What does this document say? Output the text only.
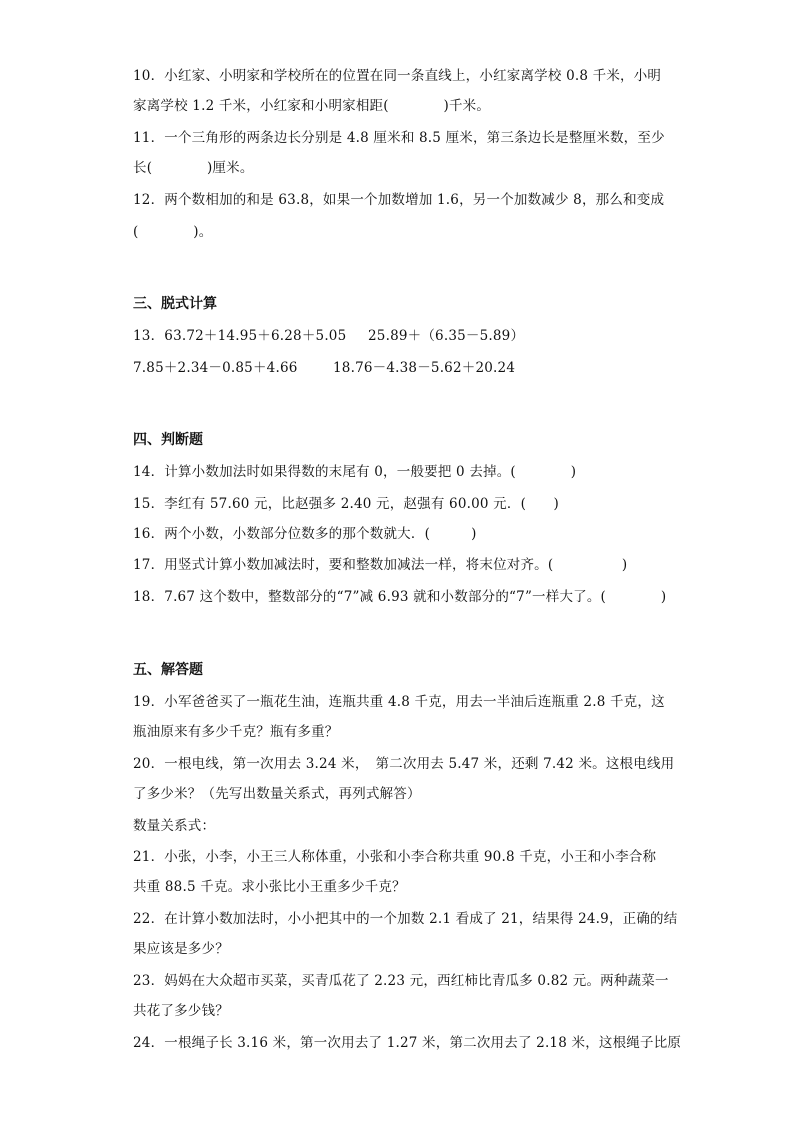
10．小红家、小明家和学校所在的位置在同一条直线上，小红家离学校 0.8 千米，小明
家离学校 1.2 千米，小红家和小明家相距(　　　　)千米。
11．一个三角形的两条边长分别是 4.8 厘米和 8.5 厘米，第三条边长是整厘米数，至少
长(　　　　)厘米。
12．两个数相加的和是 63.8，如果一个加数增加 1.6，另一个加数减少 8，那么和变成
(　　　　)。
三、脱式计算
13．63.72＋14.95＋6.28＋5.05 25.89＋（6.35－5.89）
7.85＋2.34－0.85＋4.66	18.76－4.38－5.62＋20.24
四、判断题
14．计算小数加法时如果得数的末尾有 0，一般要把 0 去掉。(　　　　)
15．李红有 57.60 元，比赵强多 2.40 元，赵强有 60.00 元．(　　)
16．两个小数，小数部分位数多的那个数就大．(　　　)
17．用竖式计算小数加减法时，要和整数加减法一样，将末位对齐。(　　　　　)
18．7.67 这个数中，整数部分的“7”减 6.93 就和小数部分的“7”一样大了。(　　　　)
五、解答题
19．小军爸爸买了一瓶花生油，连瓶共重 4.8 千克，用去一半油后连瓶重 2.8 千克，这
瓶油原来有多少千克？瓶有多重？
20．一根电线，第一次用去 3.24 米，　第二次用去 5.47 米，还剩 7.42 米。这根电线用
了多少米？（先写出数量关系式，再列式解答）
数量关系式：
21．小张，小李，小王三人称体重，小张和小李合称共重 90.8 千克，小王和小李合称
共重 88.5 千克。求小张比小王重多少千克？
22．在计算小数加法时，小小把其中的一个加数 2.1 看成了 21，结果得 24.9，正确的结
果应该是多少？
23．妈妈在大众超市买菜，买青瓜花了 2.23 元，西红柿比青瓜多 0.82 元。两种蔬菜一
共花了多少钱？
24．一根绳子长 3.16 米，第一次用去了 1.27 米，第二次用去了 2.18 米，这根绳子比原
